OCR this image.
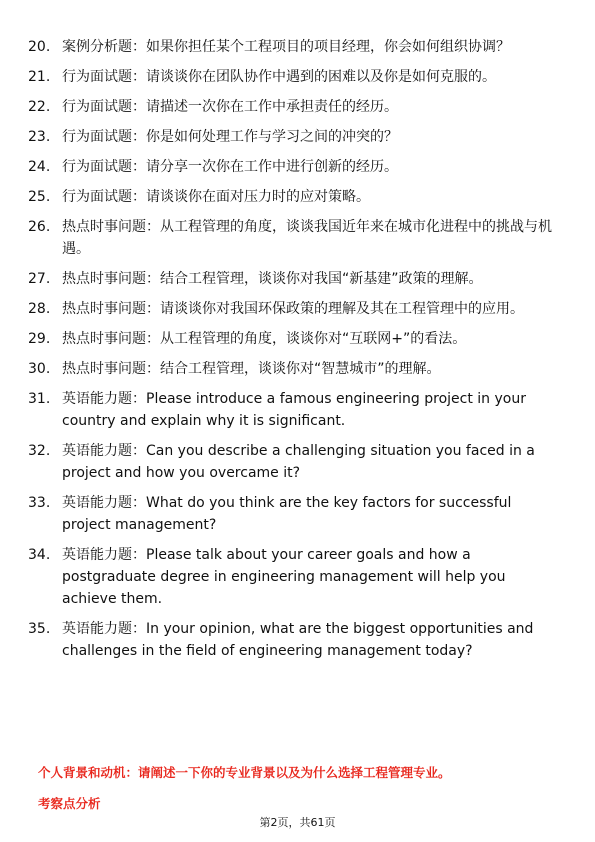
20. 案例分析题：如果你担任某个工程项目的项目经理，你会如何组织协调？
21. 行为面试题：请谈谈你在团队协作中遇到的困难以及你是如何克服的。
22. 行为面试题：请描述一次你在工作中承担责任的经历。
23. 行为面试题：你是如何处理工作与学习之间的冲突的？
24. 行为面试题：请分享一次你在工作中进行创新的经历。
25. 行为面试题：请谈谈你在面对压力时的应对策略。
26. 热点时事问题：从工程管理的角度，谈谈我国近年来在城市化进程中的挑战与机遇。
27. 热点时事问题：结合工程管理，谈谈你对我国“新基建”政策的理解。
28. 热点时事问题：请谈谈你对我国环保政策的理解及其在工程管理中的应用。
29. 热点时事问题：从工程管理的角度，谈谈你对“互联网+”的看法。
30. 热点时事问题：结合工程管理，谈谈你对“智慧城市”的理解。
31. 英语能力题：Please introduce a famous engineering project in your country and explain why it is significant.
32. 英语能力题：Can you describe a challenging situation you faced in a project and how you overcame it?
33. 英语能力题：What do you think are the key factors for successful project management?
34. 英语能力题：Please talk about your career goals and how a postgraduate degree in engineering management will help you achieve them.
35. 英语能力题：In your opinion, what are the biggest opportunities and challenges in the field of engineering management today?
个人背景和动机：请阐述一下你的专业背景以及为什么选择工程管理专业。
考察点分析
第2页，共61页
